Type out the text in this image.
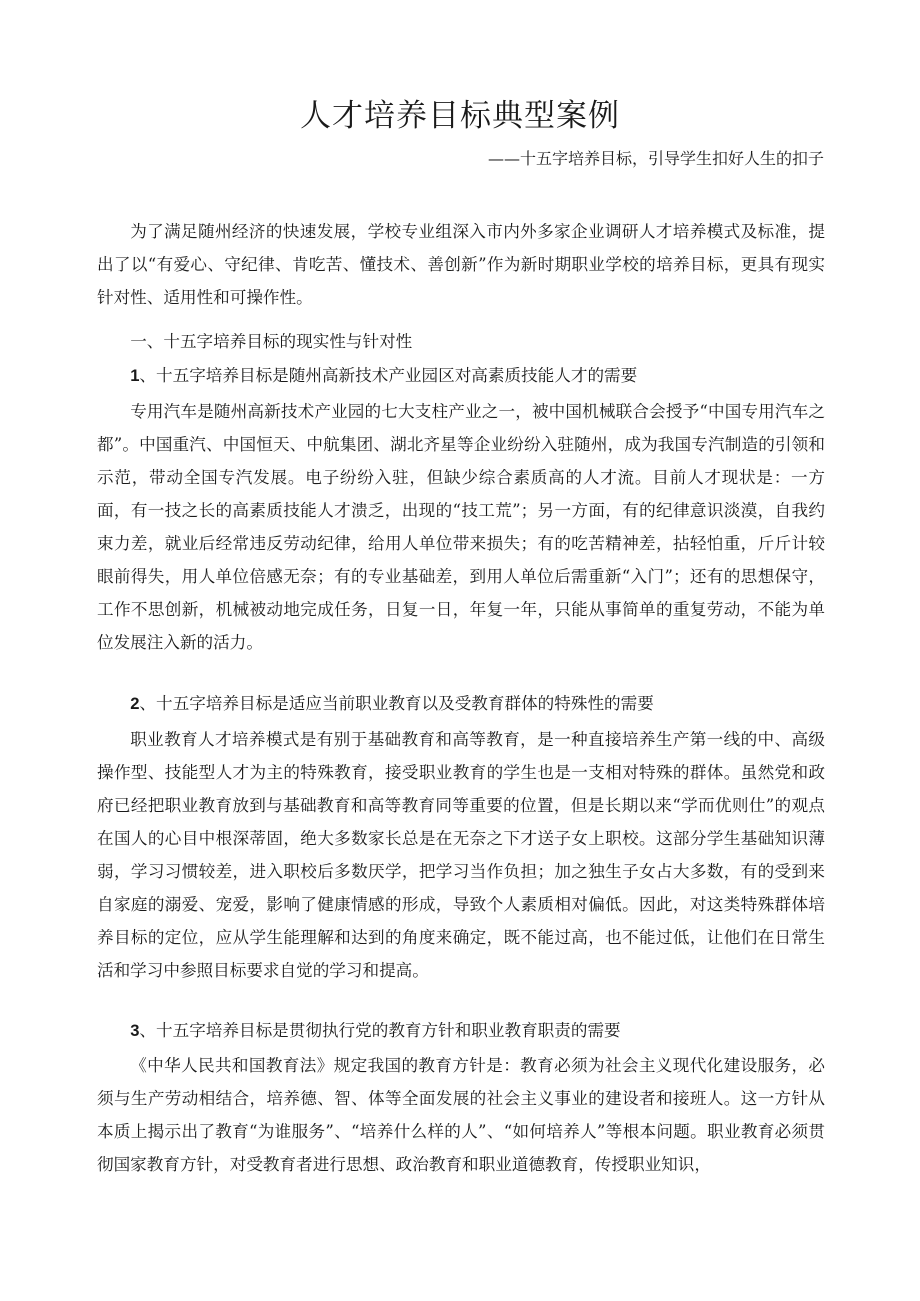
人才培养目标典型案例
——十五字培养目标，引导学生扣好人生的扣子

为了满足随州经济的快速发展，学校专业组深入市内外多家企业调研人才培养模式及标准，提出了以“有爱心、守纪律、肯吃苦、懂技术、善创新”作为新时期职业学校的培养目标，更具有现实针对性、适用性和可操作性。

一、十五字培养目标的现实性与针对性

1、十五字培养目标是随州高新技术产业园区对高素质技能人才的需要

专用汽车是随州高新技术产业园的七大支柱产业之一，被中国机械联合会授予“中国专用汽车之都”。中国重汽、中国恒天、中航集团、湖北齐星等企业纷纷入驻随州，成为我国专汽制造的引领和示范，带动全国专汽发展。电子纷纷入驻，但缺少综合素质高的人才流。目前人才现状是：一方面，有一技之长的高素质技能人才溃乏，出现的“技工荒”；另一方面，有的纪律意识淡漠，自我约束力差，就业后经常违反劳动纪律，给用人单位带来损失；有的吃苦精神差，拈轻怕重，斤斤计较眼前得失，用人单位倍感无奈；有的专业基础差，到用人单位后需重新“入门”；还有的思想保守，工作不思创新，机械被动地完成任务，日复一日，年复一年，只能从事简单的重复劳动，不能为单位发展注入新的活力。

2、十五字培养目标是适应当前职业教育以及受教育群体的特殊性的需要

职业教育人才培养模式是有别于基础教育和高等教育，是一种直接培养生产第一线的中、高级操作型、技能型人才为主的特殊教育，接受职业教育的学生也是一支相对特殊的群体。虽然党和政府已经把职业教育放到与基础教育和高等教育同等重要的位置，但是长期以来“学而优则仕”的观点在国人的心目中根深蒂固，绝大多数家长总是在无奈之下才送子女上职校。这部分学生基础知识薄弱，学习习惯较差，进入职校后多数厌学，把学习当作负担；加之独生子女占大多数，有的受到来自家庭的溺爱、宠爱，影响了健康情感的形成，导致个人素质相对偏低。因此，对这类特殊群体培养目标的定位，应从学生能理解和达到的角度来确定，既不能过高，也不能过低，让他们在日常生活和学习中参照目标要求自觉的学习和提高。

3、十五字培养目标是贯彻执行党的教育方针和职业教育职责的需要

《中华人民共和国教育法》规定我国的教育方针是：教育必须为社会主义现代化建设服务，必须与生产劳动相结合，培养德、智、体等全面发展的社会主义事业的建设者和接班人。这一方针从本质上揭示出了教育“为谁服务”、“培养什么样的人”、“如何培养人”等根本问题。职业教育必须贯彻国家教育方针，对受教育者进行思想、政治教育和职业道德教育，传授职业知识，
